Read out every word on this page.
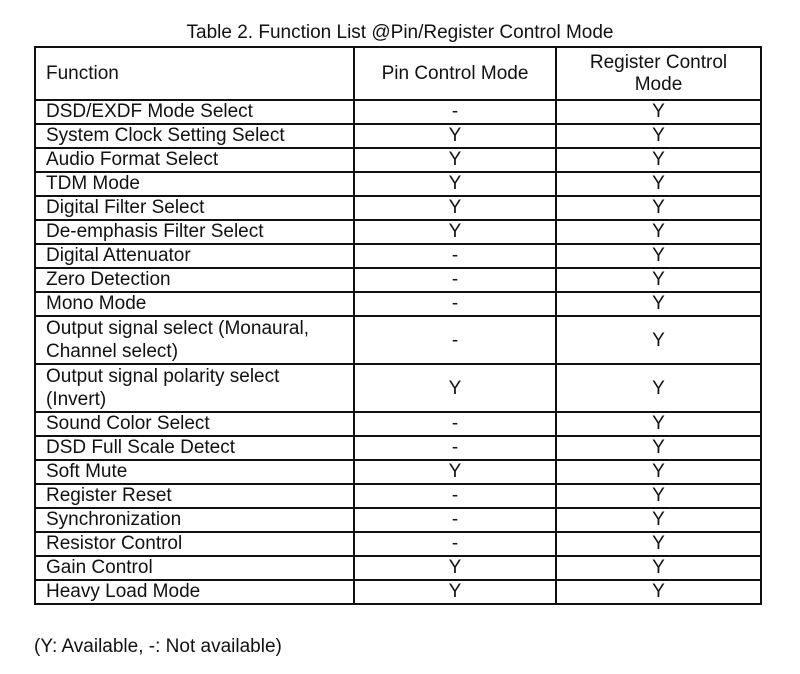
Table 2. Function List @Pin/Register Control Mode
Function	Pin Control Mode	Register Control Mode
DSD/EXDF Mode Select	-	Y
System Clock Setting Select	Y	Y
Audio Format Select	Y	Y
TDM Mode	Y	Y
Digital Filter Select	Y	Y
De-emphasis Filter Select	Y	Y
Digital Attenuator	-	Y
Zero Detection	-	Y
Mono Mode	-	Y
Output signal select (Monaural, Channel select)	-	Y
Output signal polarity select (Invert)	Y	Y
Sound Color Select	-	Y
DSD Full Scale Detect	-	Y
Soft Mute	Y	Y
Register Reset	-	Y
Synchronization	-	Y
Resistor Control	-	Y
Gain Control	Y	Y
Heavy Load Mode	Y	Y
(Y: Available, -: Not available)
